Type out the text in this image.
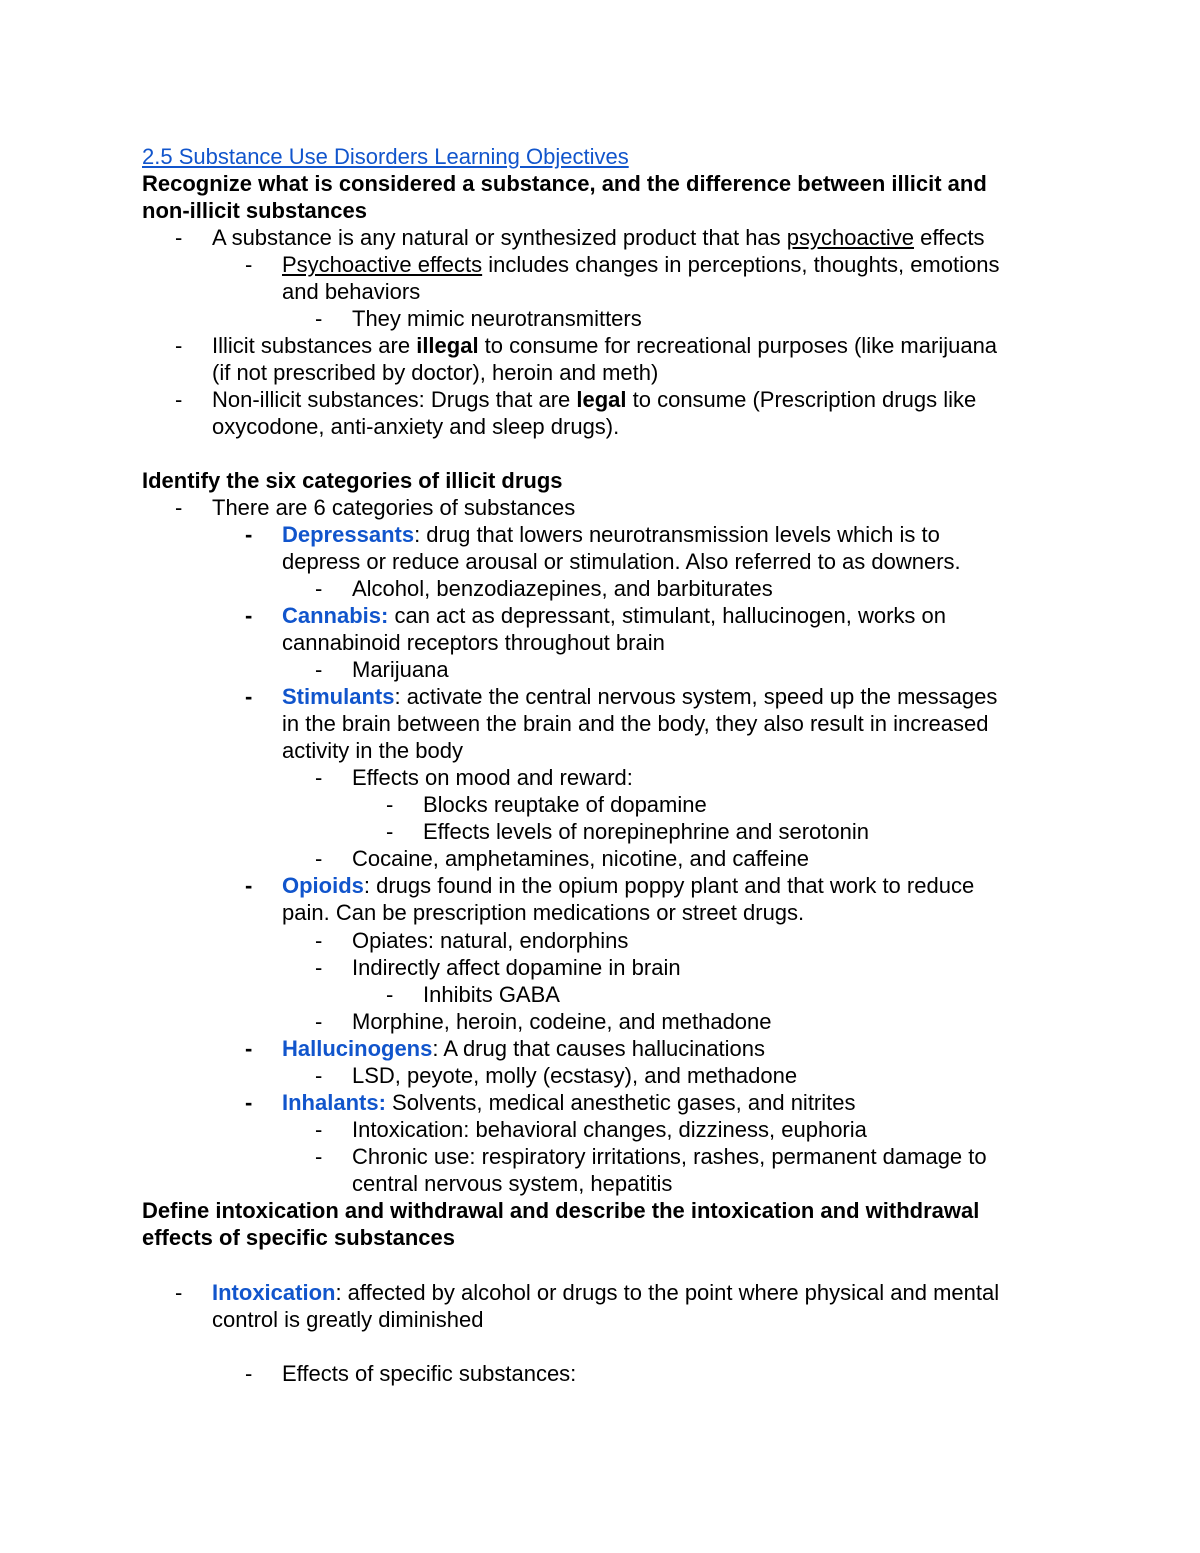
2.5 Substance Use Disorders Learning Objectives
Recognize what is considered a substance, and the difference between illicit and
non-illicit substances
- A substance is any natural or synthesized product that has psychoactive effects
- Psychoactive effects includes changes in perceptions, thoughts, emotions
and behaviors
- They mimic neurotransmitters
- Illicit substances are illegal to consume for recreational purposes (like marijuana
(if not prescribed by doctor), heroin and meth)
- Non-illicit substances: Drugs that are legal to consume (Prescription drugs like
oxycodone, anti-anxiety and sleep drugs).
Identify the six categories of illicit drugs
- There are 6 categories of substances
- Depressants: drug that lowers neurotransmission levels which is to
depress or reduce arousal or stimulation. Also referred to as downers.
- Alcohol, benzodiazepines, and barbiturates
- Cannabis: can act as depressant, stimulant, hallucinogen, works on
cannabinoid receptors throughout brain
- Marijuana
- Stimulants: activate the central nervous system, speed up the messages
in the brain between the brain and the body, they also result in increased
activity in the body
- Effects on mood and reward:
- Blocks reuptake of dopamine
- Effects levels of norepinephrine and serotonin
- Cocaine, amphetamines, nicotine, and caffeine
- Opioids: drugs found in the opium poppy plant and that work to reduce
pain. Can be prescription medications or street drugs.
- Opiates: natural, endorphins
- Indirectly affect dopamine in brain
- Inhibits GABA
- Morphine, heroin, codeine, and methadone
- Hallucinogens: A drug that causes hallucinations
- LSD, peyote, molly (ecstasy), and methadone
- Inhalants: Solvents, medical anesthetic gases, and nitrites
- Intoxication: behavioral changes, dizziness, euphoria
- Chronic use: respiratory irritations, rashes, permanent damage to
central nervous system, hepatitis
Define intoxication and withdrawal and describe the intoxication and withdrawal
effects of specific substances
- Intoxication: affected by alcohol or drugs to the point where physical and mental
control is greatly diminished
- Effects of specific substances:
